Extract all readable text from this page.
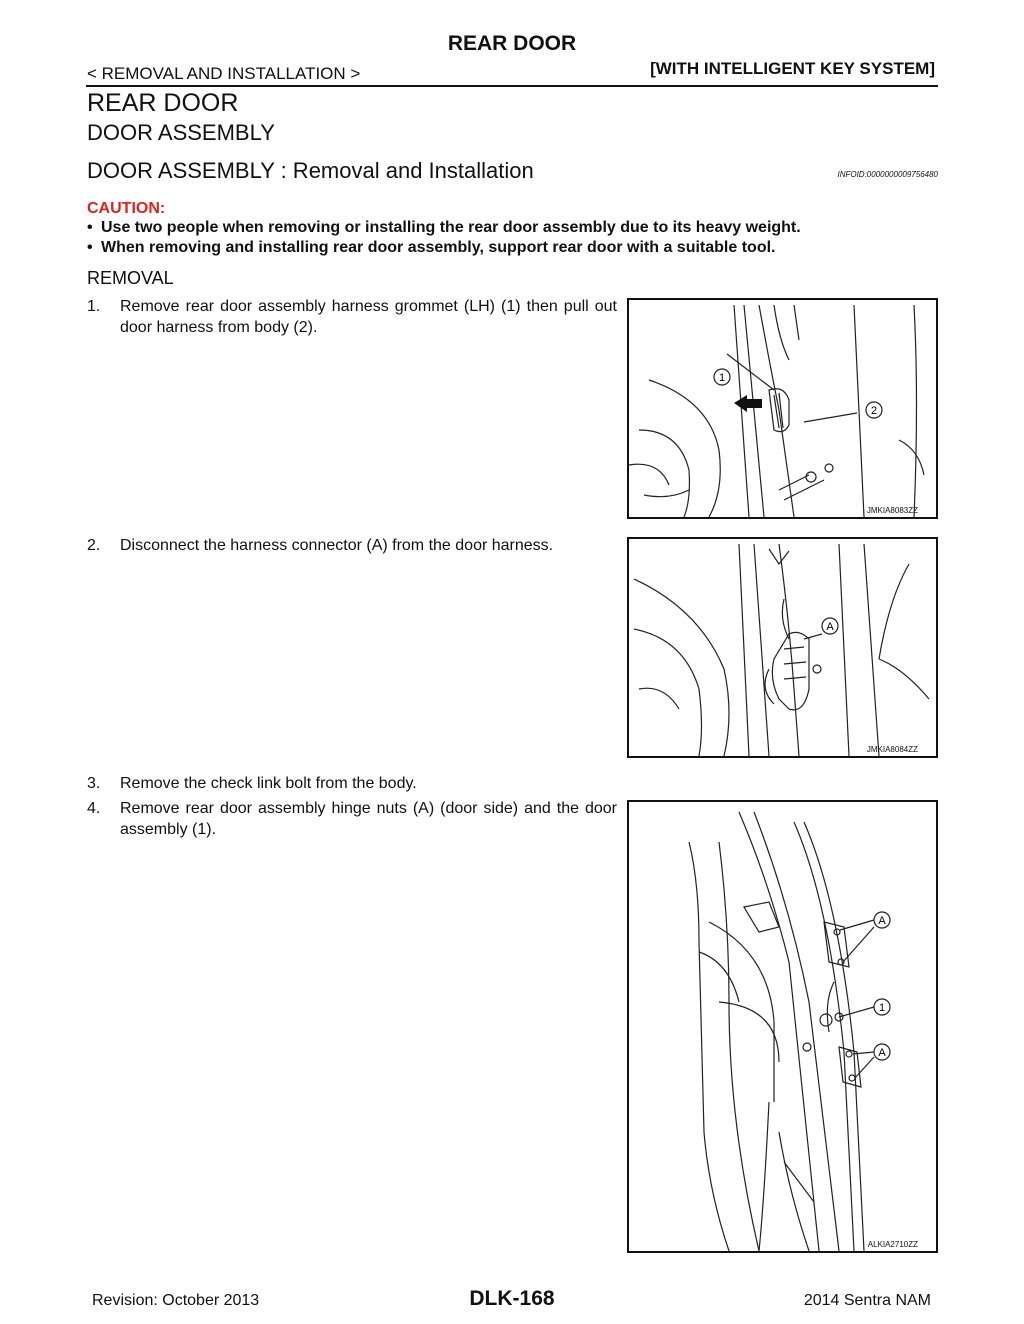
REAR DOOR
< REMOVAL AND INSTALLATION >	[WITH INTELLIGENT KEY SYSTEM]
REAR DOOR
DOOR ASSEMBLY
DOOR ASSEMBLY : Removal and Installation	INFOID:0000000009756480
CAUTION:
• Use two people when removing or installing the rear door assembly due to its heavy weight.
• When removing and installing rear door assembly, support rear door with a suitable tool.
REMOVAL
1. Remove rear door assembly harness grommet (LH) (1) then pull out door harness from body (2).
2. Disconnect the harness connector (A) from the door harness.
3. Remove the check link bolt from the body.
4. Remove rear door assembly hinge nuts (A) (door side) and the door assembly (1).
1
2
JMKIA8083ZZ
A
JMKIA8084ZZ
A
1
A
ALKIA2710ZZ
Revision: October 2013	DLK-168	2014 Sentra NAM
